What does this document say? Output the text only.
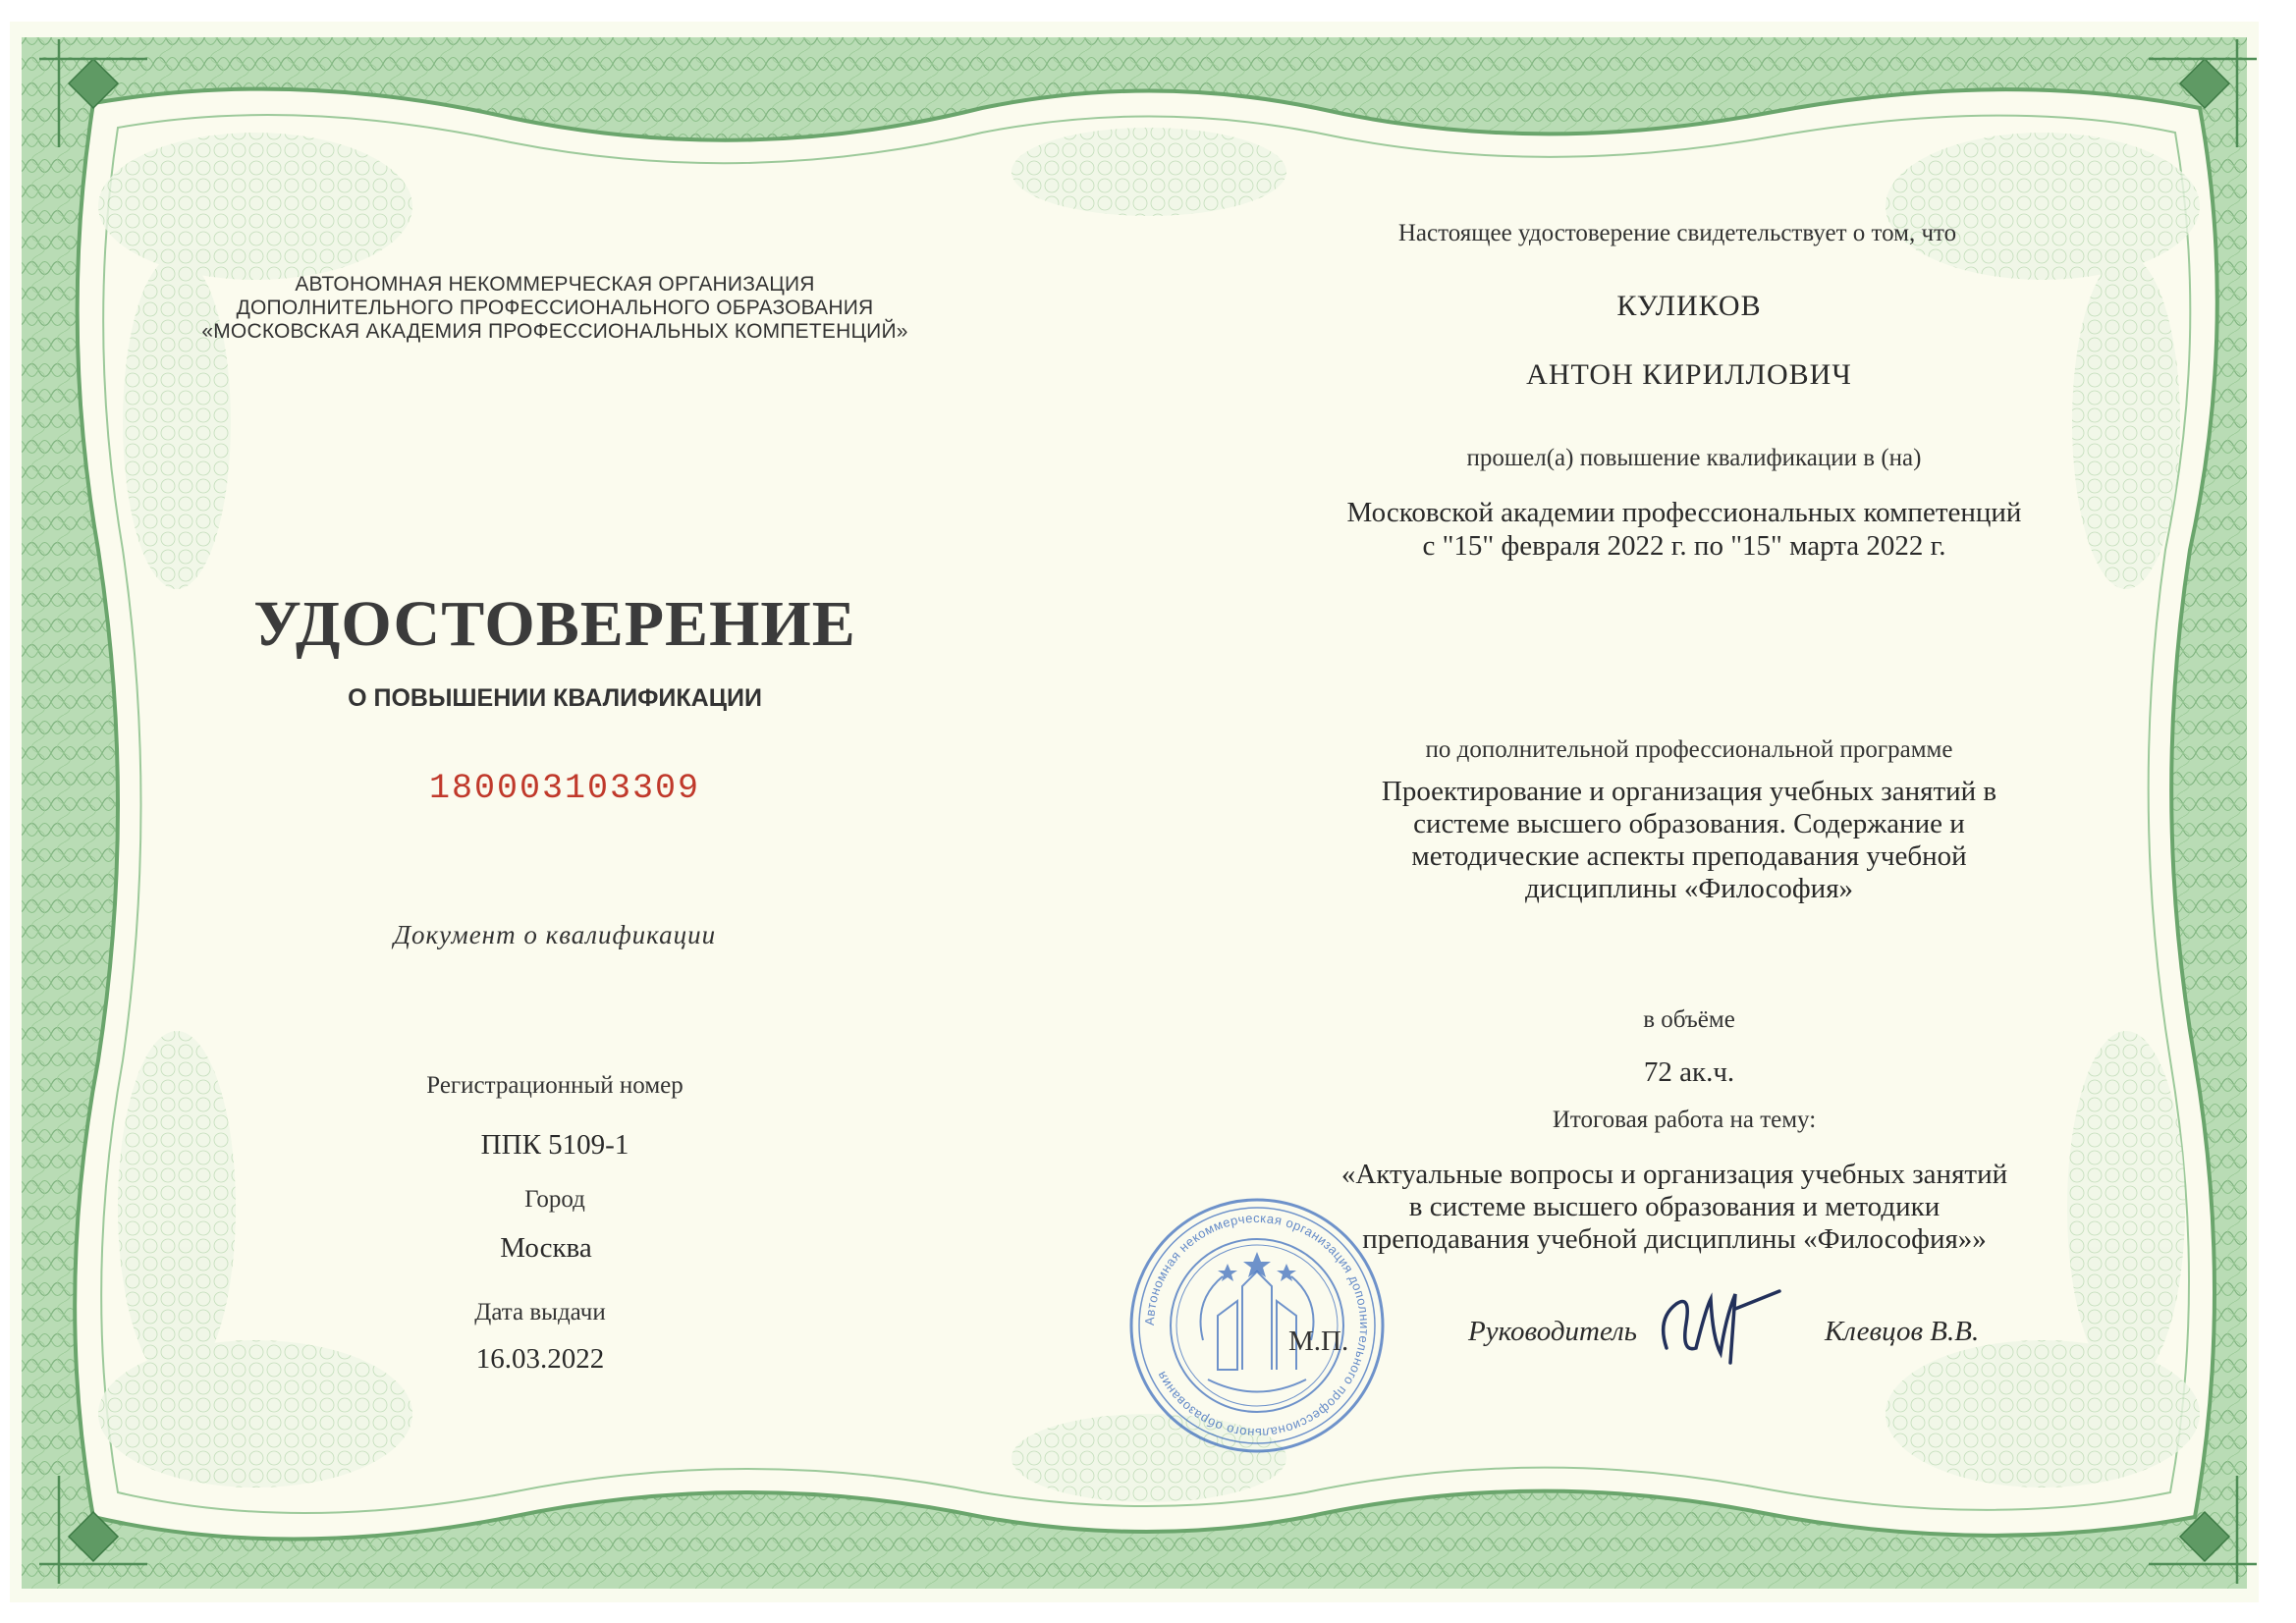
АВТОНОМНАЯ НЕКОММЕРЧЕСКАЯ ОРГАНИЗАЦИЯ
ДОПОЛНИТЕЛЬНОГО ПРОФЕССИОНАЛЬНОГО ОБРАЗОВАНИЯ
«МОСКОВСКАЯ АКАДЕМИЯ ПРОФЕССИОНАЛЬНЫХ КОМПЕТЕНЦИЙ»
УДОСТОВЕРЕНИЕ
О ПОВЫШЕНИИ КВАЛИФИКАЦИИ
180003103309
Документ о квалификации
Регистрационный номер
ППК 5109-1
Город
Москва
Дата выдачи
16.03.2022
Настоящее удостоверение свидетельствует о том, что
КУЛИКОВ
АНТОН КИРИЛЛОВИЧ
прошел(а) повышение квалификации в (на)
Московской академии профессиональных компетенций
с "15" февраля 2022 г. по "15" марта 2022 г.
по дополнительной профессиональной программе
Проектирование и организация учебных занятий в
системе высшего образования. Содержание и
методические аспекты преподавания учебной
дисциплины «Философия»
в объёме
72 ак.ч.
Итоговая работа на тему:
«Актуальные вопросы и организация учебных занятий
в системе высшего образования и методики
преподавания учебной дисциплины «Философия»»
Автономная некоммерческая организация дополнительного профессионального образования
М.П.	Руководитель	Клевцов В.В.
